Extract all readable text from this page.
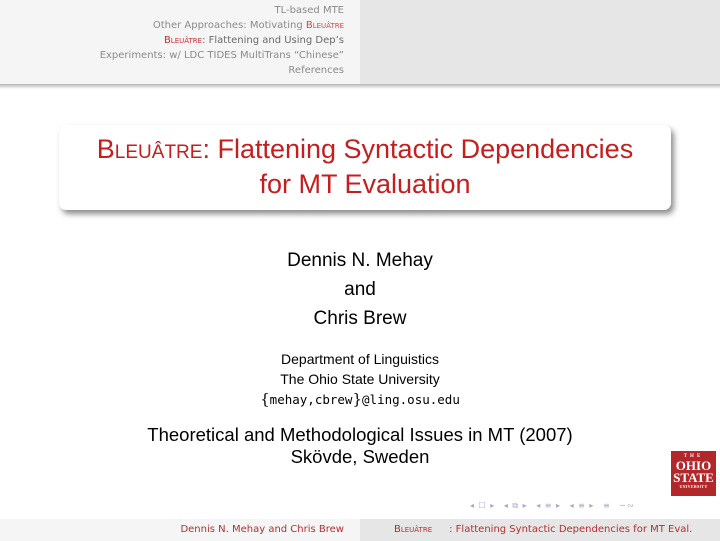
TL-based MTE
Other Approaches: Motivating Bleuâtre
Bleuâtre: Flattening and Using Dep’s
Experiments: w/ LDC TIDES MultiTrans “Chinese”
References
Bleuâtre: Flattening Syntactic Dependencies
for MT Evaluation
Dennis N. Mehay
and
Chris Brew
Department of Linguistics
The Ohio State University
{mehay,cbrew}@ling.osu.edu
Theoretical and Methodological Issues in MT (2007)
Skövde, Sweden	THE
OHIO
STATE
UNIVERSITY
◂ ☐ ▸ ◂ ⧉ ▸ ◂ ≡ ▸ ◂ ≡ ▸ ≡ ∽∾
Dennis N. Mehay and Chris Brew	Bleuâtre : Flattening Syntactic Dependencies for MT Eval.
